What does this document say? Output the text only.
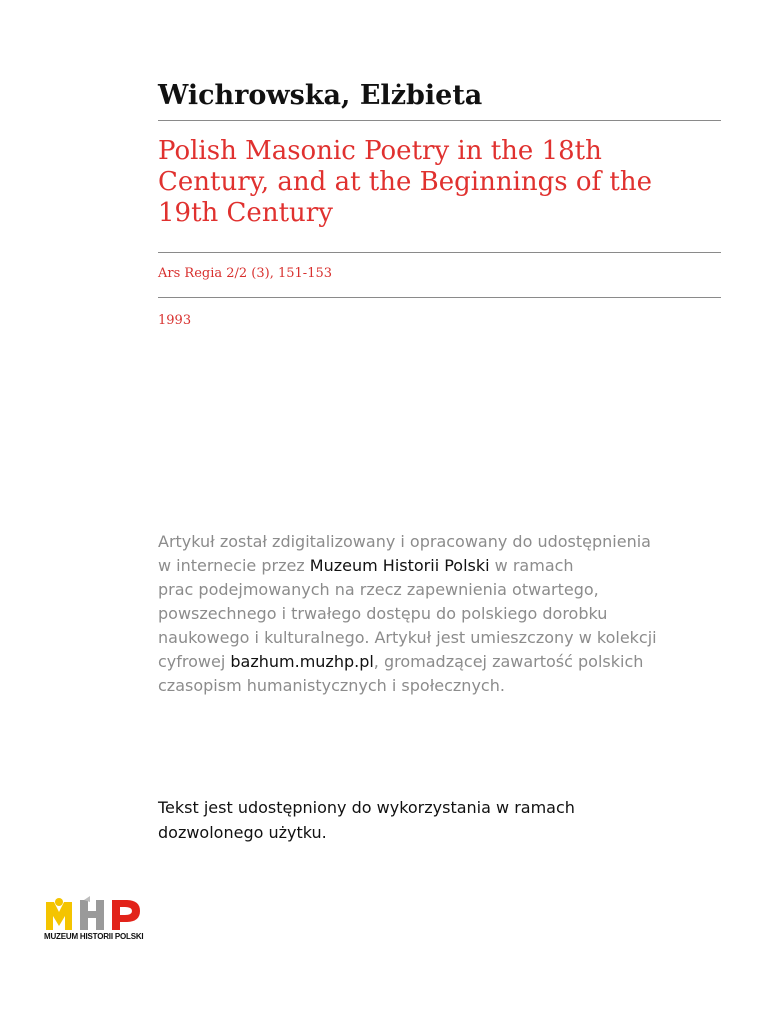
Wichrowska, Elżbieta
Polish Masonic Poetry in the 18th
Century, and at the Beginnings of the
19th Century
Ars Regia 2/2 (3), 151-153
1993
Artykuł został zdigitalizowany i opracowany do udostępnienia
w internecie przez Muzeum Historii Polski w ramach
prac podejmowanych na rzecz zapewnienia otwartego,
powszechnego i trwałego dostępu do polskiego dorobku
naukowego i kulturalnego. Artykuł jest umieszczony w kolekcji
cyfrowej bazhum.muzhp.pl, gromadzącej zawartość polskich
czasopism humanistycznych i społecznych.
Tekst jest udostępniony do wykorzystania w ramach
dozwolonego użytku.
MUZEUM HISTORII POLSKI
